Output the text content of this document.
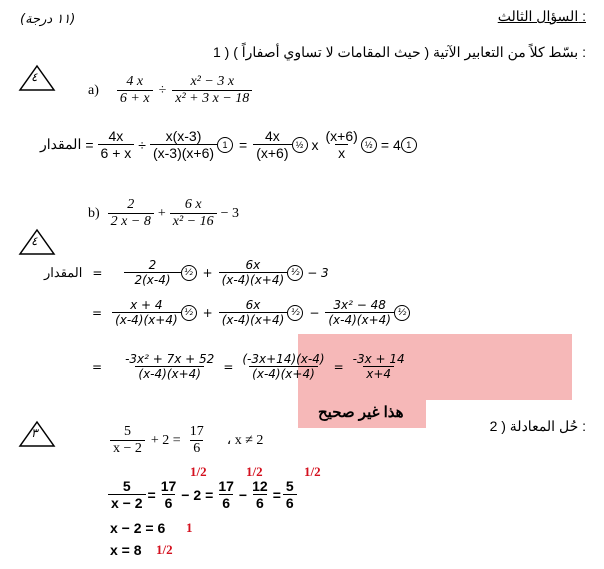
السؤال الثالث :
(١١ درجة)
1 ) بسّط كلاً من التعابير الآتية ( حيث المقامات لا تساوي أصفاراً ) :
٤
$a) \frac{4 x}{6 + x} \div \frac{\text{x² − 3 x}}{\text{x² + 3 x − 18}}$
المقدار = $\frac{4x}{6 + x} \div \frac{x(x-3)}{(x-3)(x+6)} 1 = \frac{4x}{(x+6)}$ ½ x $\frac{(x+6)}{x}$ ½ = 4 1
$b) \frac{2}{2 x - 8} + \frac{6 x}{\text{x² − 16}} - 3$
٤
المقدار = $\frac{2}{2(x-4)}$ ½ + $\frac{6x}{(x-4)(x+4)}$ ½ − 3
= $\frac{x + 4}{(x-4)(x+4)}$ ½ + $\frac{6x}{(x-4)(x+4)}$ ½ − $\frac{\text{3x² − 48}}{(x-4)(x+4)}$ ½
= $\frac{\text{-3x² + 7x + 52}}{(x-4)(x+4)} = \frac{(-3x+14)(x-4)}{(x-4)(x+4)} = \frac{-3x + 14}{x+4}$
هذا غير صحيح
2 ) حُل المعادلة :
٣	$\frac{5}{x - 2} + 2 = \frac{17}{6}$ ، x ≠ 2
$\frac{5}{x - 2} = \frac{17}{6} - 2 = \frac{17}{6} - \frac{12}{6} = \frac{5}{6}$
1/2	1/2	1/2
x − 2 = 6 1
x = 8 1/2
